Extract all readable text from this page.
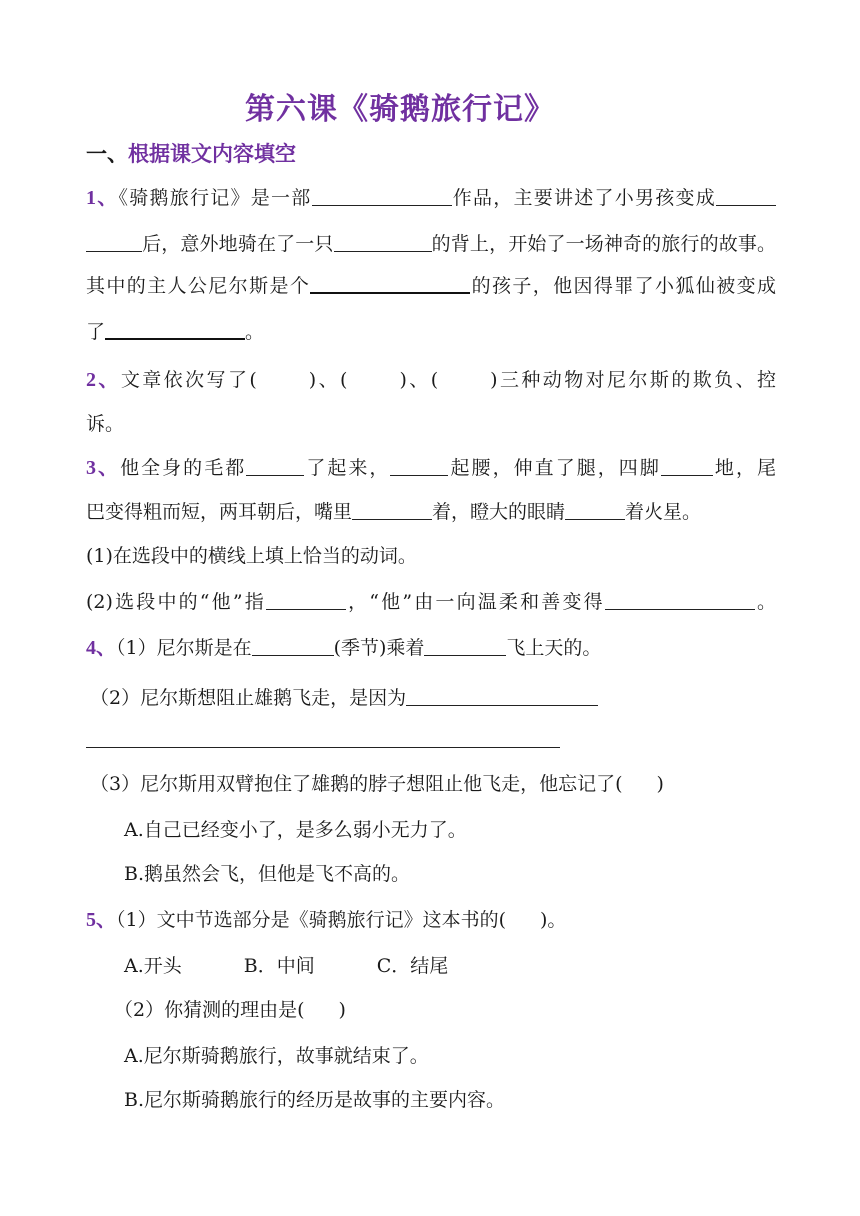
第六课《骑鹅旅行记》
一、根据课文内容填空
1、《骑鹅旅行记》是一部	作品，主要讲述了小男孩变成
后，意外地骑在了一只	的背上，开始了一场神奇的旅行的故事。
其中的主人公尼尔斯是个	的孩子，他因得罪了小狐仙被变成
了	。
2、文章依次写了(	)、(	)、(	)三种动物对尼尔斯的欺负、控
诉。
3、他全身的毛都	了起来，	起腰，伸直了腿，四脚	地，尾
巴变得粗而短，两耳朝后，嘴里	着，瞪大的眼睛	着火星。
(1)在选段中的横线上填上恰当的动词。
(2)选段中的“他”指	，“他”由一向温柔和善变得	。
4、（1）尼尔斯是在	(季节)乘着	飞上天的。
（2）尼尔斯想阻止雄鹅飞走，是因为
（3）尼尔斯用双臂抱住了雄鹅的脖子想阻止他飞走，他忘记了( )
A.自己已经变小了，是多么弱小无力了。
B.鹅虽然会飞，但他是飞不高的。
5、（1）文中节选部分是《骑鹅旅行记》这本书的( )。
A.开头	B．中间	C．结尾
（2）你猜测的理由是( )
A.尼尔斯骑鹅旅行，故事就结束了。
B.尼尔斯骑鹅旅行的经历是故事的主要内容。
